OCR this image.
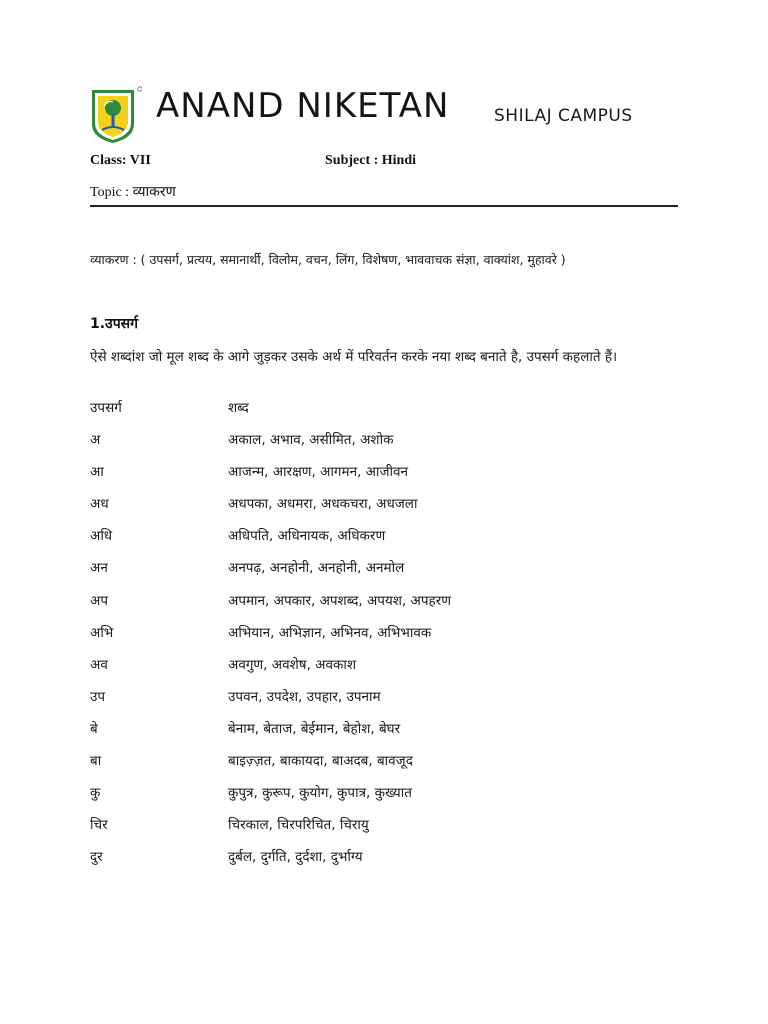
ANAND NIKETAN	SHILAJ CAMPUS
Class: VII	Subject : Hindi
Topic : व्याकरण
व्याकरण : ( उपसर्ग, प्रत्यय, समानार्थी, विलोम, वचन, लिंग, विशेषण, भाववाचक संज्ञा, वाक्यांश, मुहावरे )
1.उपसर्ग
ऐसे शब्दांश जो मूल शब्द के आगे जुड़कर उसके अर्थ में परिवर्तन करके नया शब्द बनाते है, उपसर्ग कहलाते हैं।
उपसर्ग	शब्द
अ	अकाल, अभाव, असीमित, अशोक
आ	आजन्म, आरक्षण, आगमन, आजीवन
अध	अधपका, अधमरा, अधकचरा, अधजला
अधि	अधिपति, अधिनायक, अधिकरण
अन	अनपढ़, अनहोनी, अनहोनी, अनमोल
अप	अपमान, अपकार, अपशब्द, अपयश, अपहरण
अभि	अभियान, अभिज्ञान, अभिनव, अभिभावक
अव	अवगुण, अवशेष, अवकाश
उप	उपवन, उपदेश, उपहार, उपनाम
बे	बेनाम, बेताज, बेईमान, बेहोश, बेघर
बा	बाइज़्ज़त, बाकायदा, बाअदब, बावजूद
कु	कुपुत्र, कुरूप, कुयोग, कुपात्र, कुख्यात
चिर	चिरकाल, चिरपरिचित, चिरायु
दुर	दुर्बल, दुर्गति, दुर्दशा, दुर्भाग्य
